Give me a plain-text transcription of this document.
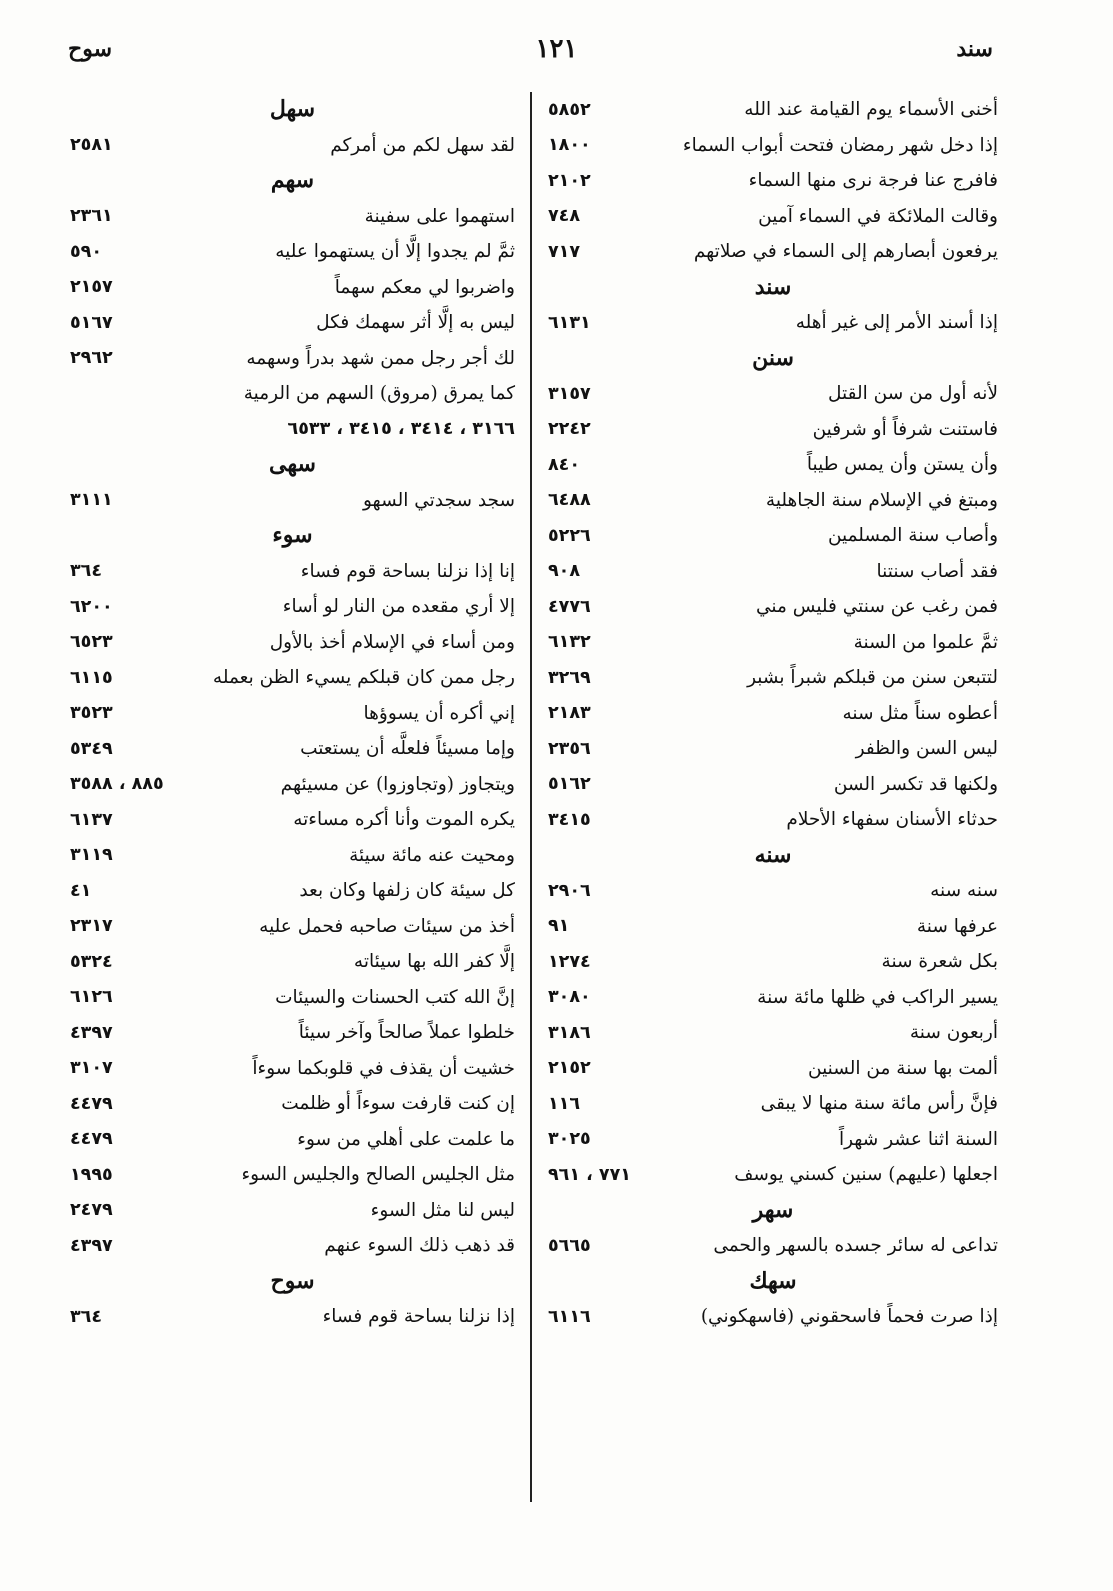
سند
١٢١
سوح
أخنى الأسماء يوم القيامة عند الله
٥٨٥٢
إذا دخل شهر رمضان فتحت أبواب السماء
١٨٠٠
فافرج عنا فرجة نرى منها السماء
٢١٠٢
وقالت الملائكة في السماء آمين
٧٤٨
يرفعون أبصارهم إلى السماء في صلاتهم
٧١٧
سند
إذا أسند الأمر إلى غير أهله
٦١٣١
سنن
لأنه أول من سن القتل
٣١٥٧
فاستنت شرفاً أو شرفين
٢٢٤٢
وأن يستن وأن يمس طيباً
٨٤٠
ومبتغ في الإسلام سنة الجاهلية
٦٤٨٨
وأصاب سنة المسلمين
٥٢٢٦
فقد أصاب سنتنا
٩٠٨
فمن رغب عن سنتي فليس مني
٤٧٧٦
ثمَّ علموا من السنة
٦١٣٢
لتتبعن سنن من قبلكم شبراً بشبر
٣٢٦٩
أعطوه سناً مثل سنه
٢١٨٣
ليس السن والظفر
٢٣٥٦
ولكنها قد تكسر السن
٥١٦٢
حدثاء الأسنان سفهاء الأحلام
٣٤١٥
سنه
سنه سنه
٢٩٠٦
عرفها سنة
٩١
بكل شعرة سنة
١٢٧٤
يسير الراكب في ظلها مائة سنة
٣٠٨٠
أربعون سنة
٣١٨٦
ألمت بها سنة من السنين
٢١٥٢
فإنَّ رأس مائة سنة منها لا يبقى
١١٦
السنة اثنا عشر شهراً
٣٠٢٥
اجعلها (عليهم) سنين كسني يوسف
٧٧١ ، ٩٦١
سهر
تداعى له سائر جسده بالسهر والحمى
٥٦٦٥
سهك
إذا صرت فحماً فاسحقوني (فاسهكوني)
٦١١٦
سهل
لقد سهل لكم من أمركم
٢٥٨١
سهم
استهموا على سفينة
٢٣٦١
ثمَّ لم يجدوا إلَّا أن يستهموا عليه
٥٩٠
واضربوا لي معكم سهماً
٢١٥٧
ليس به إلَّا أثر سهمك فكل
٥١٦٧
لك أجر رجل ممن شهد بدراً وسهمه
٢٩٦٢
كما يمرق (مروق) السهم من الرمية
٣١٦٦ ، ٣٤١٤ ، ٣٤١٥ ، ٦٥٣٣
سهى
سجد سجدتي السهو
٣١١١
سوء
إنا إذا نزلنا بساحة قوم فساء
٣٦٤
إلا أري مقعده من النار لو أساء
٦٢٠٠
ومن أساء في الإسلام أخذ بالأول
٦٥٢٣
رجل ممن كان قبلكم يسيء الظن بعمله
٦١١٥
إني أكره أن يسوؤها
٣٥٢٣
وإما مسيئاً فلعلَّه أن يستعتب
٥٣٤٩
ويتجاوز (وتجاوزوا) عن مسيئهم
٨٨٥ ، ٣٥٨٨
يكره الموت وأنا أكره مساءته
٦١٣٧
ومحيت عنه مائة سيئة
٣١١٩
كل سيئة كان زلفها وكان بعد
٤١
أخذ من سيئات صاحبه فحمل عليه
٢٣١٧
إلَّا كفر الله بها سيئاته
٥٣٢٤
إنَّ الله كتب الحسنات والسيئات
٦١٢٦
خلطوا عملاً صالحاً وآخر سيئاً
٤٣٩٧
خشيت أن يقذف في قلوبكما سوءاً
٣١٠٧
إن كنت قارفت سوءاً أو ظلمت
٤٤٧٩
ما علمت على أهلي من سوء
٤٤٧٩
مثل الجليس الصالح والجليس السوء
١٩٩٥
ليس لنا مثل السوء
٢٤٧٩
قد ذهب ذلك السوء عنهم
٤٣٩٧
سوح
إذا نزلنا بساحة قوم فساء
٣٦٤
